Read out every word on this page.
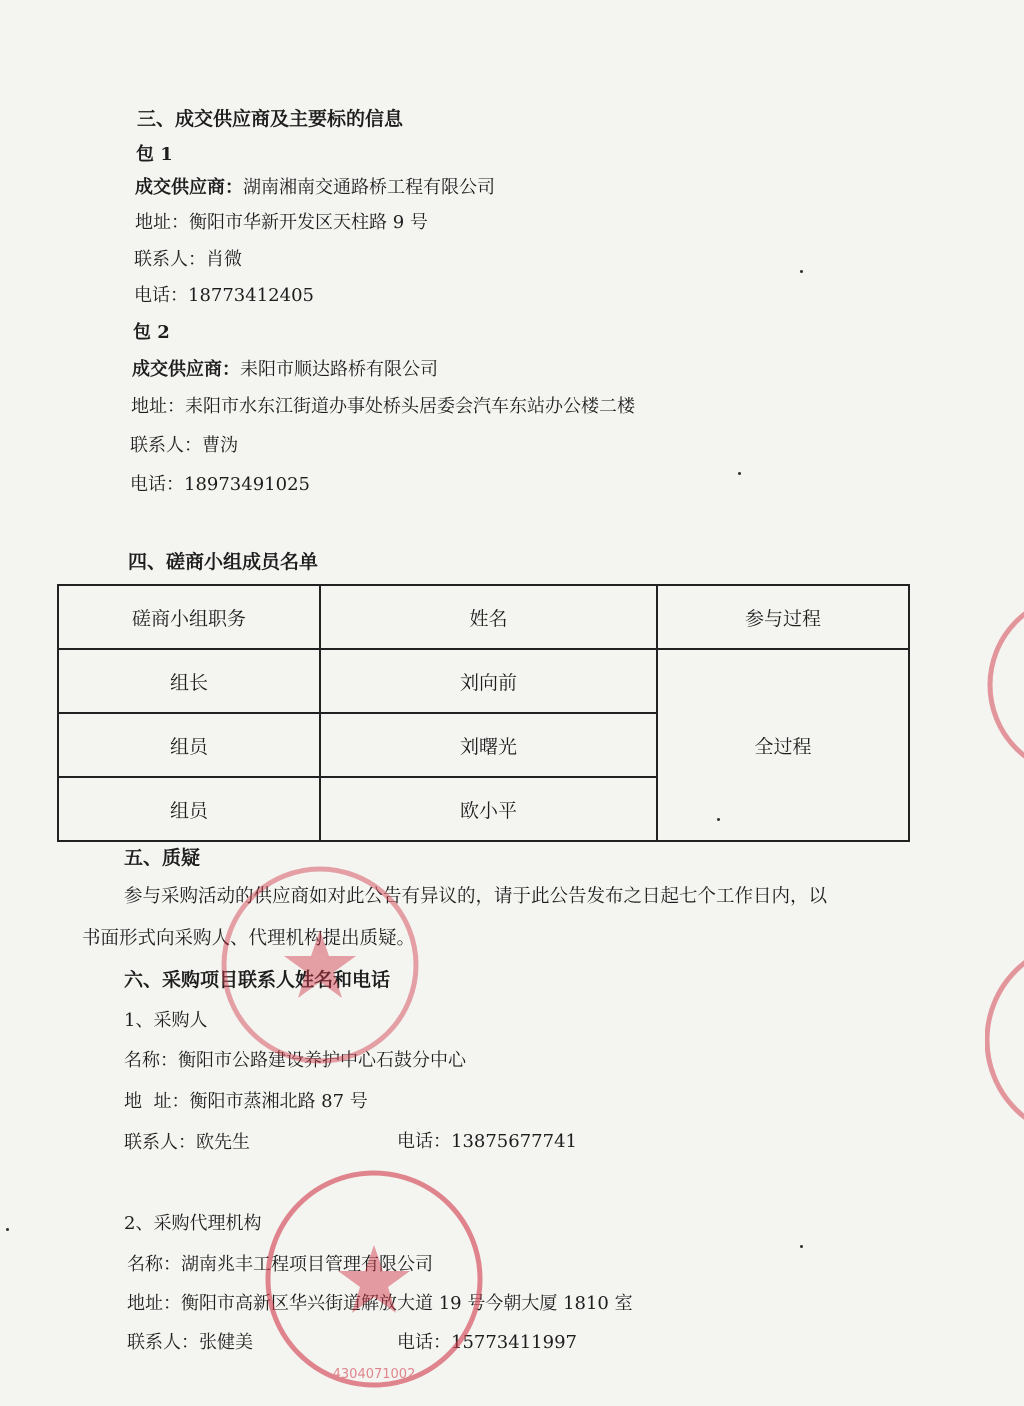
三、成交供应商及主要标的信息
包 1
成交供应商：湖南湘南交通路桥工程有限公司
地址：衡阳市华新开发区天柱路 9 号
联系人：肖微
电话：18773412405
包 2
成交供应商：耒阳市顺达路桥有限公司
地址：耒阳市水东江街道办事处桥头居委会汽车东站办公楼二楼
联系人：曹沩
电话：18973491025
四、磋商小组成员名单
磋商小组职务	姓名	参与过程
组长	刘向前	全过程
组员	刘曙光	
组员	欧小平	
五、质疑
参与采购活动的供应商如对此公告有异议的，请于此公告发布之日起七个工作日内，以
书面形式向采购人、代理机构提出质疑。
六、采购项目联系人姓名和电话
1、采购人
名称：衡阳市公路建设养护中心石鼓分中心
地  址：衡阳市蒸湘北路 87 号
联系人：欧先生	电话：13875677741
2、采购代理机构
名称：湖南兆丰工程项目管理有限公司
地址：衡阳市高新区华兴街道解放大道 19 号今朝大厦 1810 室
联系人：张健美	电话：15773411997
4304071002
